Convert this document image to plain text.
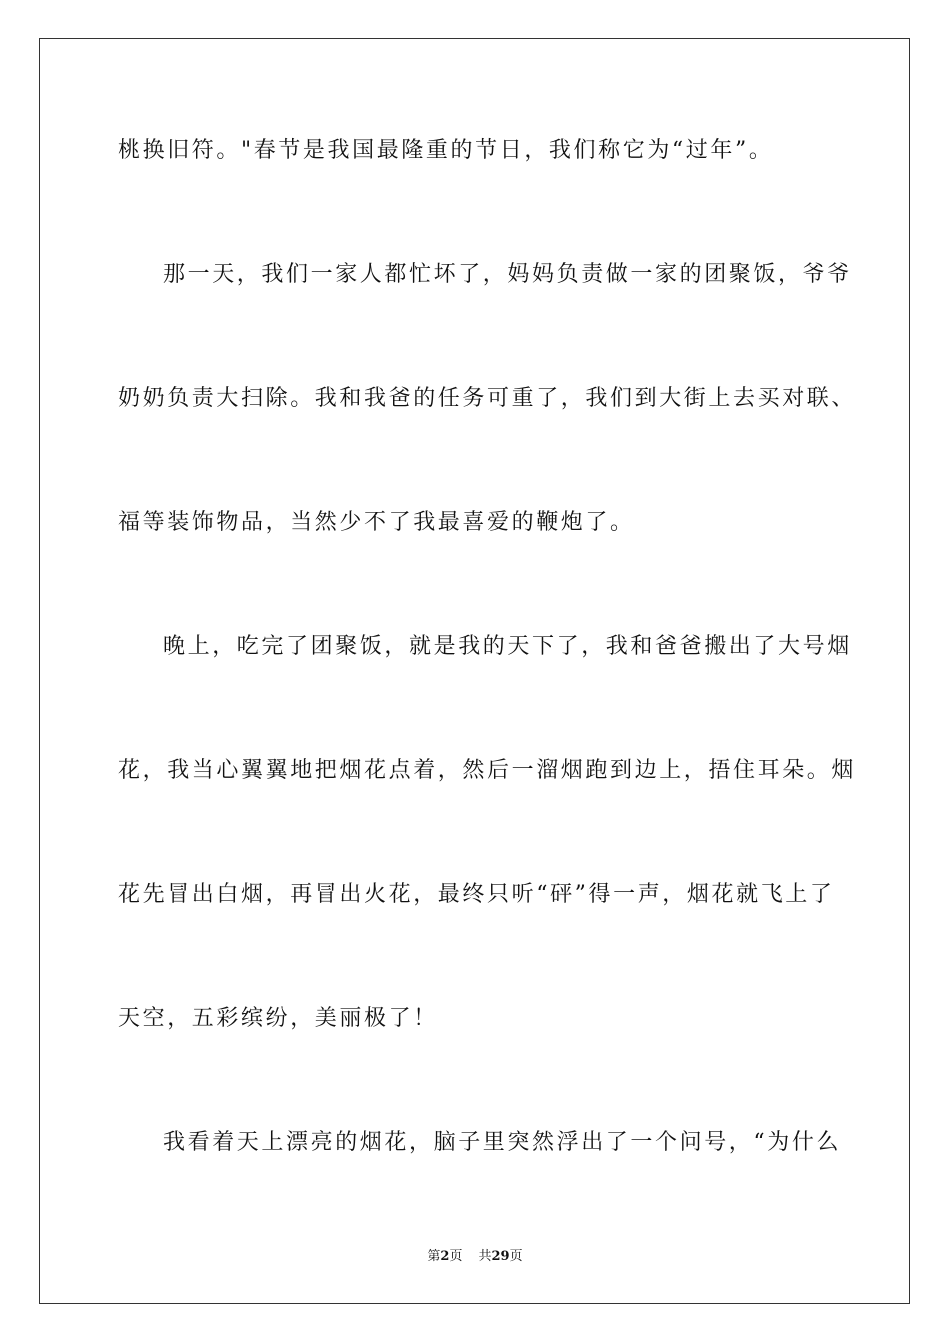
桃换旧符。"春节是我国最隆重的节日，我们称它为“过年”。
那一天，我们一家人都忙坏了，妈妈负责做一家的团聚饭，爷爷
奶奶负责大扫除。我和我爸的任务可重了，我们到大街上去买对联、
福等装饰物品，当然少不了我最喜爱的鞭炮了。
晚上，吃完了团聚饭，就是我的天下了，我和爸爸搬出了大号烟
花，我当心翼翼地把烟花点着，然后一溜烟跑到边上，捂住耳朵。烟
花先冒出白烟，再冒出火花，最终只听“砰”得一声，烟花就飞上了
天空，五彩缤纷，美丽极了！
我看着天上漂亮的烟花，脑子里突然浮出了一个问号，“为什么
第2页 共29页
